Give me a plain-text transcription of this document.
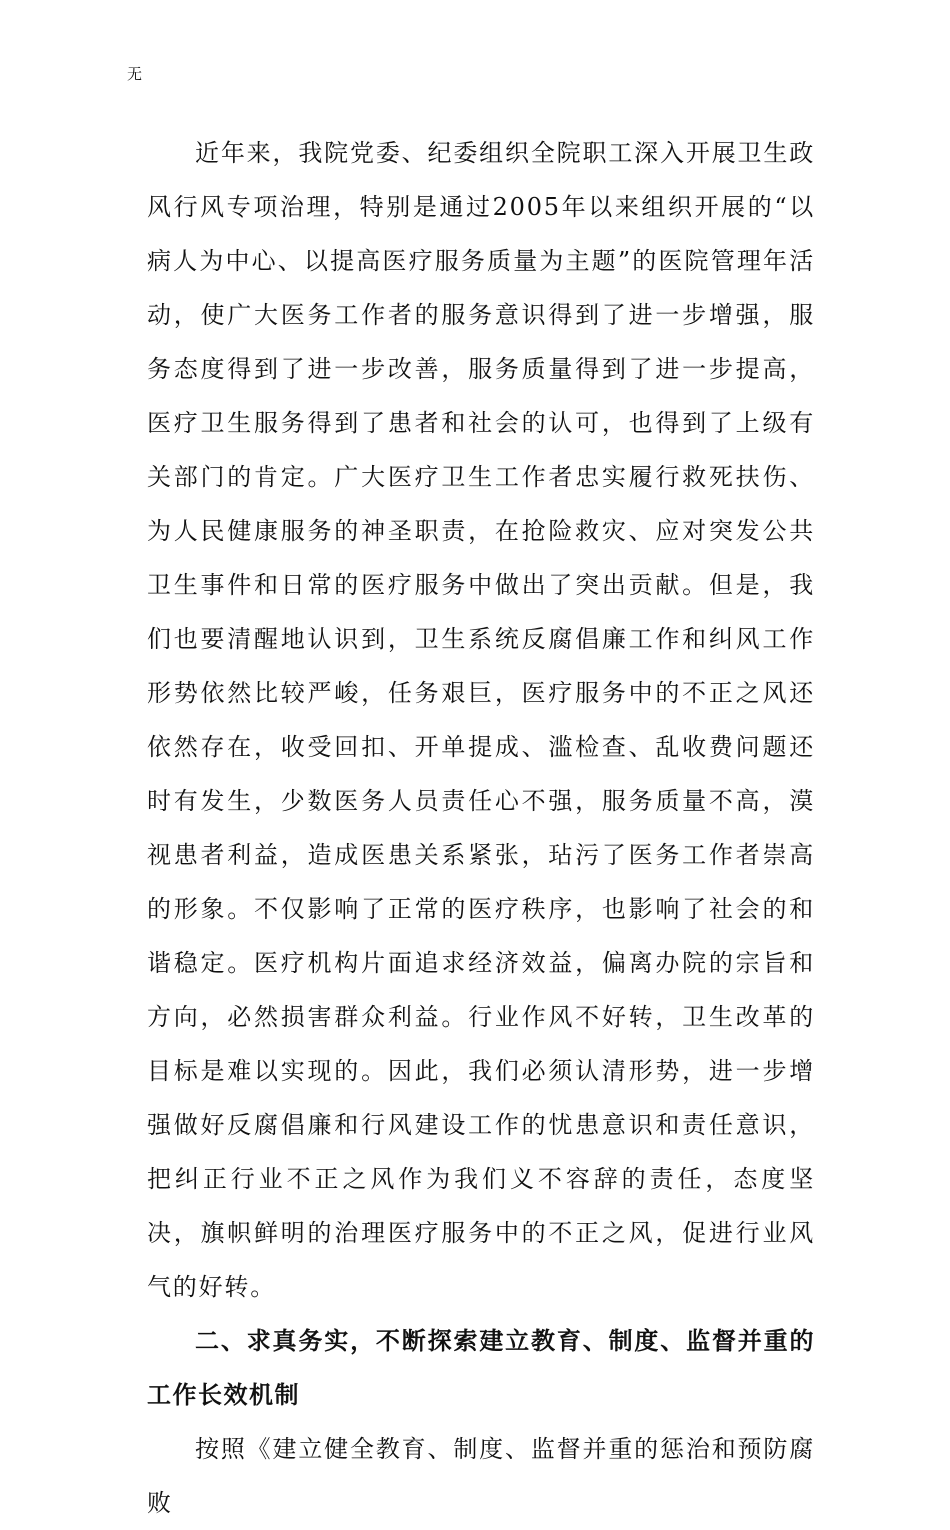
无

近年来，我院党委、纪委组织全院职工深入开展卫生政风行风专项治理，特别是通过2005年以来组织开展的“以病人为中心、以提高医疗服务质量为主题”的医院管理年活动，使广大医务工作者的服务意识得到了进一步增强，服务态度得到了进一步改善，服务质量得到了进一步提高，医疗卫生服务得到了患者和社会的认可，也得到了上级有关部门的肯定。广大医疗卫生工作者忠实履行救死扶伤、为人民健康服务的神圣职责，在抢险救灾、应对突发公共卫生事件和日常的医疗服务中做出了突出贡献。但是，我们也要清醒地认识到，卫生系统反腐倡廉工作和纠风工作形势依然比较严峻，任务艰巨，医疗服务中的不正之风还依然存在，收受回扣、开单提成、滥检查、乱收费问题还时有发生，少数医务人员责任心不强，服务质量不高，漠视患者利益，造成医患关系紧张，玷污了医务工作者崇高的形象。不仅影响了正常的医疗秩序，也影响了社会的和谐稳定。医疗机构片面追求经济效益，偏离办院的宗旨和方向，必然损害群众利益。行业作风不好转，卫生改革的目标是难以实现的。因此，我们必须认清形势，进一步增强做好反腐倡廉和行风建设工作的忧患意识和责任意识，把纠正行业不正之风作为我们义不容辞的责任，态度坚决，旗帜鲜明的治理医疗服务中的不正之风，促进行业风气的好转。

二、求真务实，不断探索建立教育、制度、监督并重的工作长效机制

按照《建立健全教育、制度、监督并重的惩治和预防腐败
